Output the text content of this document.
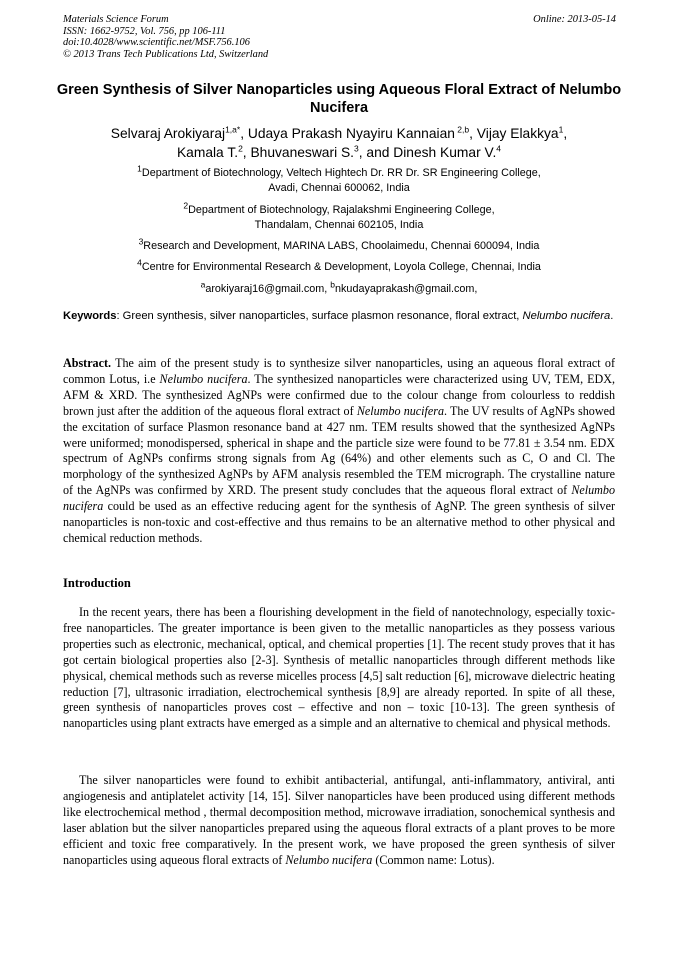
Materials Science Forum
ISSN: 1662-9752, Vol. 756, pp 106-111
doi:10.4028/www.scientific.net/MSF.756.106
© 2013 Trans Tech Publications Ltd, Switzerland
Online: 2013-05-14
Green Synthesis of Silver Nanoparticles using Aqueous Floral Extract of Nelumbo Nucifera
Selvaraj Arokiyaraj$^{1,a*}$, Udaya Prakash Nyayiru Kannaian $^{2,b}$, Vijay Elakkya$^1$,
Kamala T.$^2$, Bhuvaneswari S.$^3$, and Dinesh Kumar V.$^4$
$^1$Department of Biotechnology, Veltech Hightech Dr. RR Dr. SR Engineering College,
Avadi, Chennai 600062, India
$^2$Department of Biotechnology, Rajalakshmi Engineering College,
Thandalam, Chennai 602105, India
$^3$Research and Development, MARINA LABS, Choolaimedu, Chennai 600094, India
$^4$Centre for Environmental Research & Development, Loyola College, Chennai, India
$^a$arokiyaraj16@gmail.com, $^b$nkudayaprakash@gmail.com,
Keywords: Green synthesis, silver nanoparticles, surface plasmon resonance, floral extract, Nelumbo nucifera.
Abstract. The aim of the present study is to synthesize silver nanoparticles, using an aqueous floral extract of common Lotus, i.e Nelumbo nucifera. The synthesized nanoparticles were characterized using UV, TEM, EDX, AFM & XRD. The synthesized AgNPs were confirmed due to the colour change from colourless to reddish brown just after the addition of the aqueous floral extract of Nelumbo nucifera. The UV results of AgNPs showed the excitation of surface Plasmon resonance band at 427 nm. TEM results showed that the synthesized AgNPs were uniformed; monodispersed, spherical in shape and the particle size were found to be 77.81 ± 3.54 nm. EDX spectrum of AgNPs confirms strong signals from Ag (64%) and other elements such as C, O and Cl. The morphology of the synthesized AgNPs by AFM analysis resembled the TEM micrograph. The crystalline nature of the AgNPs was confirmed by XRD. The present study concludes that the aqueous floral extract of Nelumbo nucifera could be used as an effective reducing agent for the synthesis of AgNP. The green synthesis of silver nanoparticles is non-toxic and cost-effective and thus remains to be an alternative method to other physical and chemical reduction methods.
Introduction
In the recent years, there has been a flourishing development in the field of nanotechnology, especially toxic-free nanoparticles. The greater importance is been given to the metallic nanoparticles as they possess various properties such as electronic, mechanical, optical, and chemical properties [1]. The recent study proves that it has got certain biological properties also [2-3]. Synthesis of metallic nanoparticles through different methods like physical, chemical methods such as reverse micelles process [4,5] salt reduction [6], microwave dielectric heating reduction [7], ultrasonic irradiation, electrochemical synthesis [8,9] are already reported. In spite of all these, green synthesis of nanoparticles proves cost – effective and non – toxic [10-13]. The green synthesis of nanoparticles using plant extracts have emerged as a simple and an alternative to chemical and physical methods.
The silver nanoparticles were found to exhibit antibacterial, antifungal, anti-inflammatory, antiviral, anti angiogenesis and antiplatelet activity [14, 15]. Silver nanoparticles have been produced using different methods like electrochemical method , thermal decomposition method, microwave irradiation, sonochemical synthesis and laser ablation but the silver nanoparticles prepared using the aqueous floral extracts of a plant proves to be more efficient and toxic free comparatively. In the present work, we have proposed the green synthesis of silver nanoparticles using aqueous floral extracts of Nelumbo nucifera (Common name: Lotus).
